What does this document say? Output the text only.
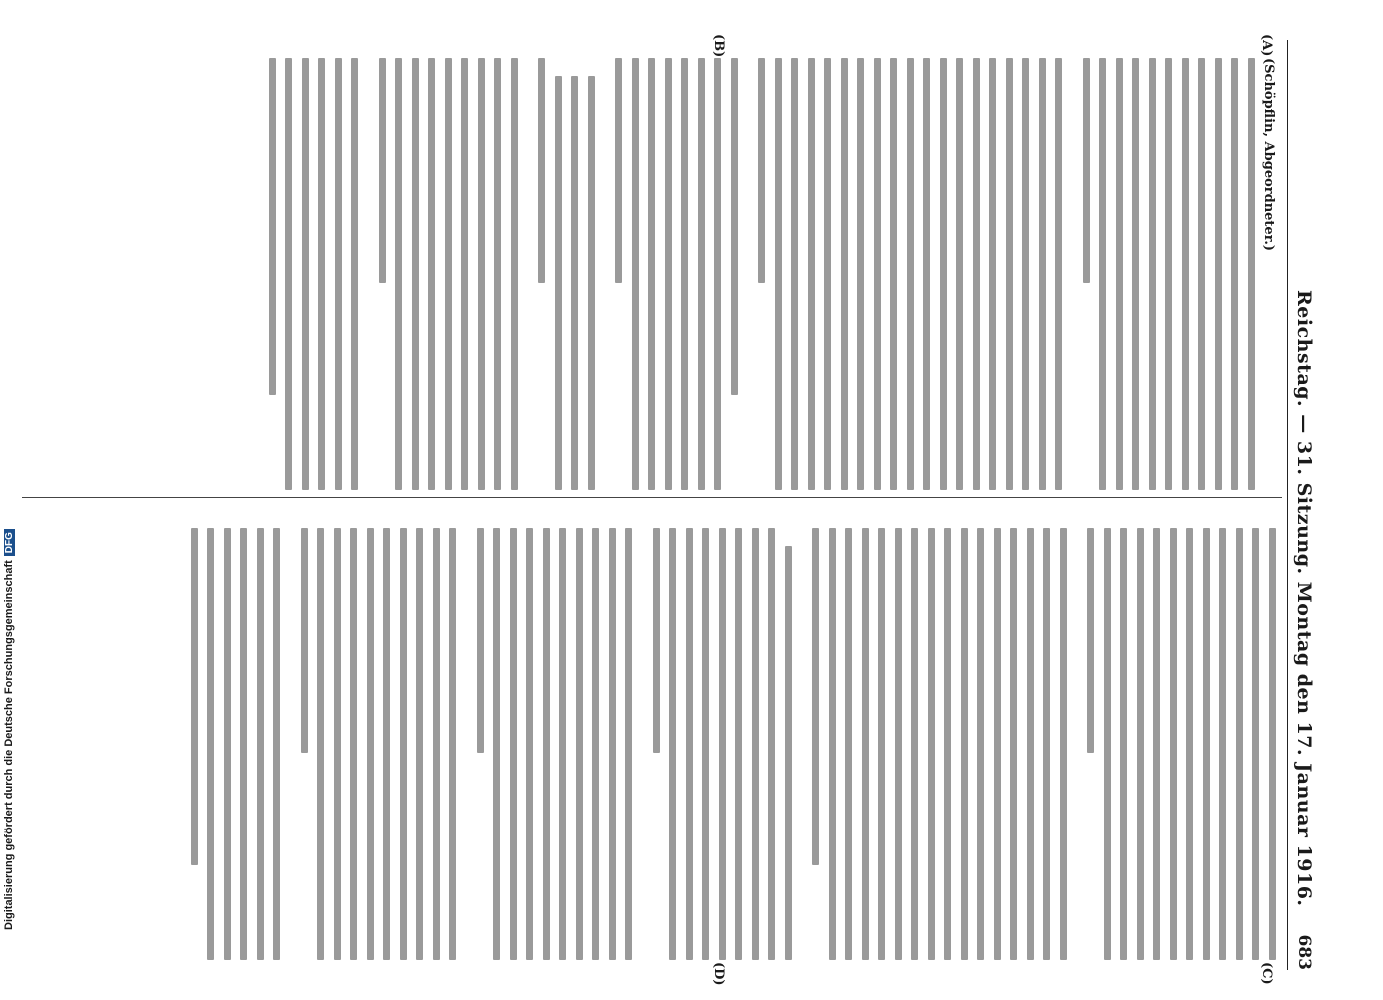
Reichstag. — 31. Sitzung. Montag den 17. Januar 1916.
683
(A)
(B)
(C)
(D)
(Schöpflin, Abgeordneter.)
Digitalisierung gefördert durch die Deutsche ForschungsgemeinschaftDFG
